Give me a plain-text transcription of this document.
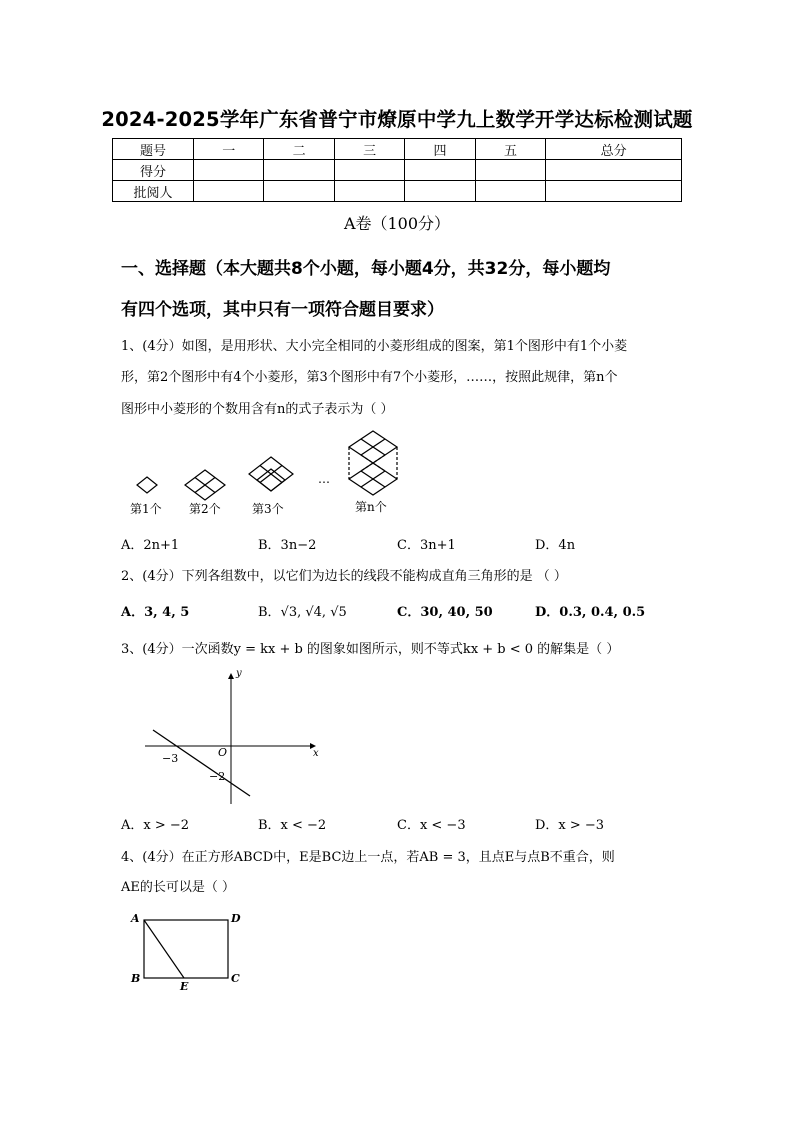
2024-2025学年广东省普宁市燎原中学九上数学开学达标检测试题
题号	一	二	三	四	五	总分
得分						
批阅人						
A卷（100分）
一、选择题（本大题共8个小题，每小题4分，共32分，每小题均
有四个选项，其中只有一项符合题目要求）
1、(4分）如图，是用形状、大小完全相同的小菱形组成的图案，第1个图形中有1个小菱
形，第2个图形中有4个小菱形，第3个图形中有7个小菱形，……，按照此规律，第n个
图形中小菱形的个数用含有n的式子表示为（ ）
第1个 第2个	第3个
…
第n个
A．2n+1	B．3n−2	C．3n+1	D．4n
2、(4分）下列各组数中，以它们为边长的线段不能构成直角三角形的是 （ ）
A．3, 4, 5	B．√3, √4, √5	C．30, 40, 50	D．0.3, 0.4, 0.5
3、(4分）一次函数y = kx + b 的图象如图所示，则不等式kx + b < 0 的解集是（ ）
y
x
O
−3
−2
A．x > −2	B．x < −2	C．x < −3	D．x > −3
4、(4分）在正方形ABCD中，E是BC边上一点，若AB = 3，且点E与点B不重合，则
AE的长可以是（ ）
A	D
B	C
E
